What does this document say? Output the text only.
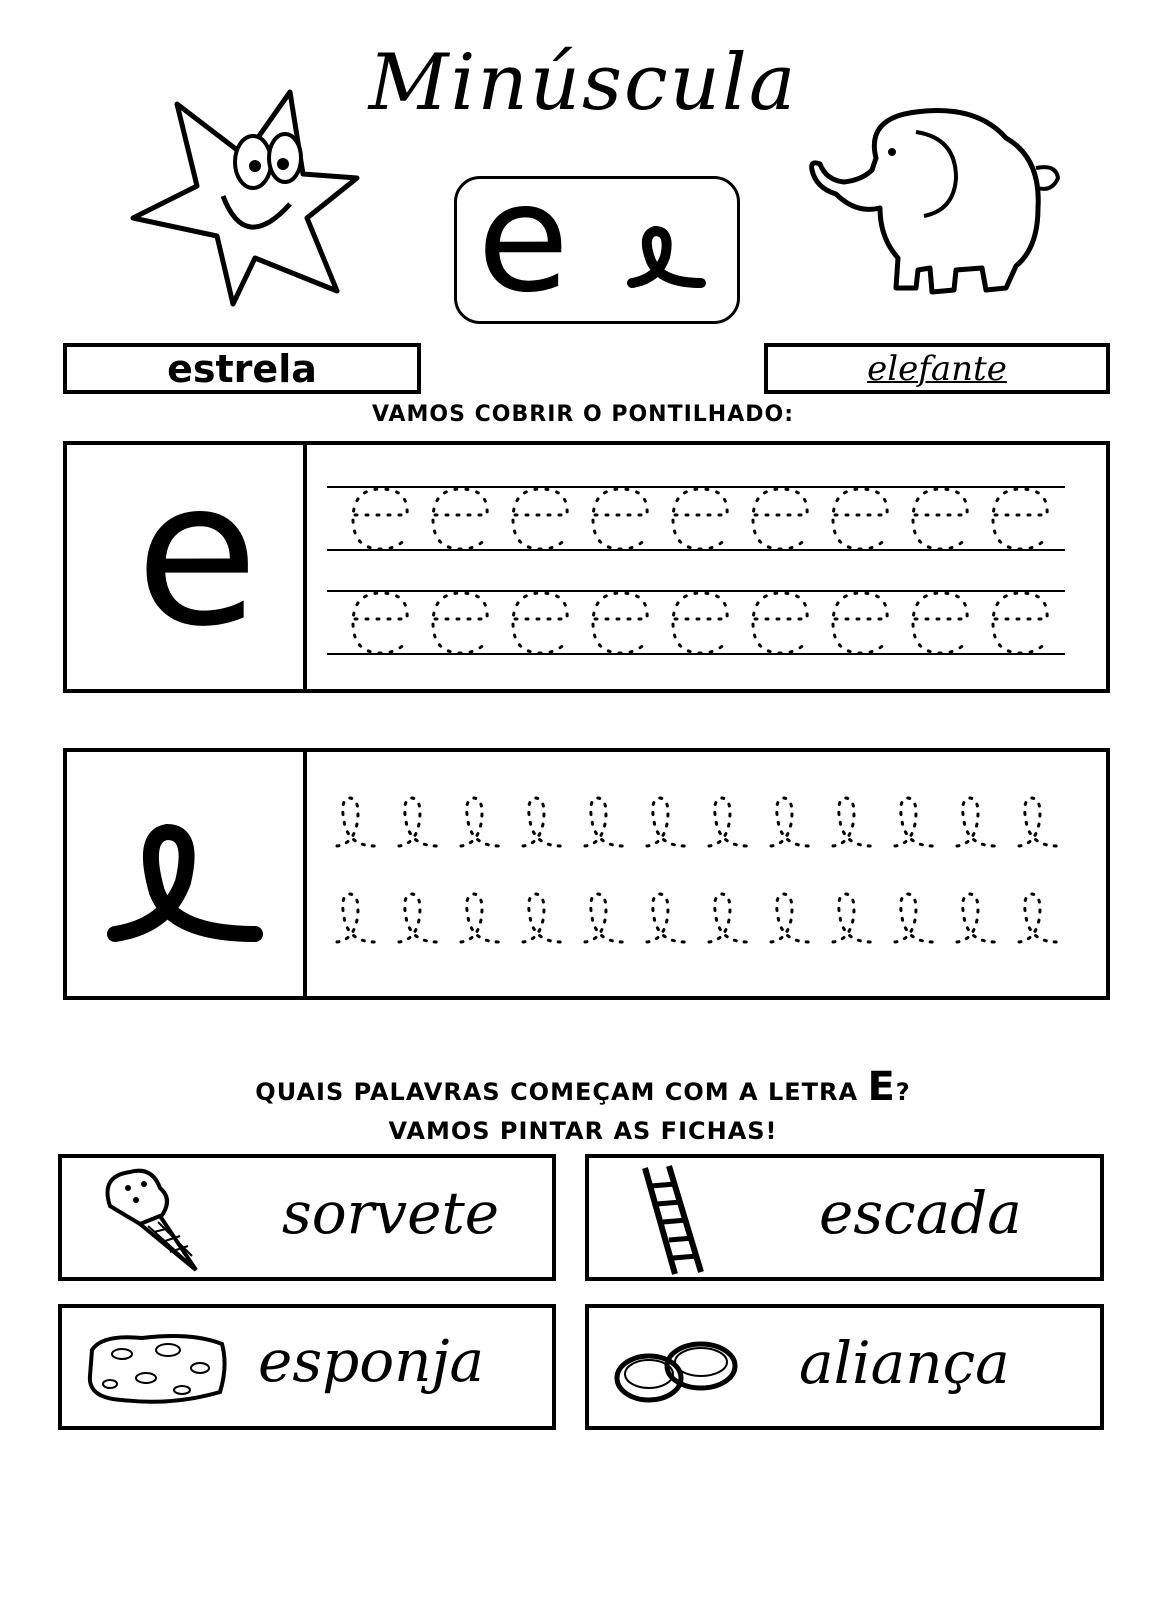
Minúscula
e
estrela	elefante
VAMOS COBRIR O PONTILHADO:
e
QUAIS PALAVRAS COMEÇAM COM A LETRA E?
VAMOS PINTAR AS FICHAS!
sorvete	escada
esponja	aliança
